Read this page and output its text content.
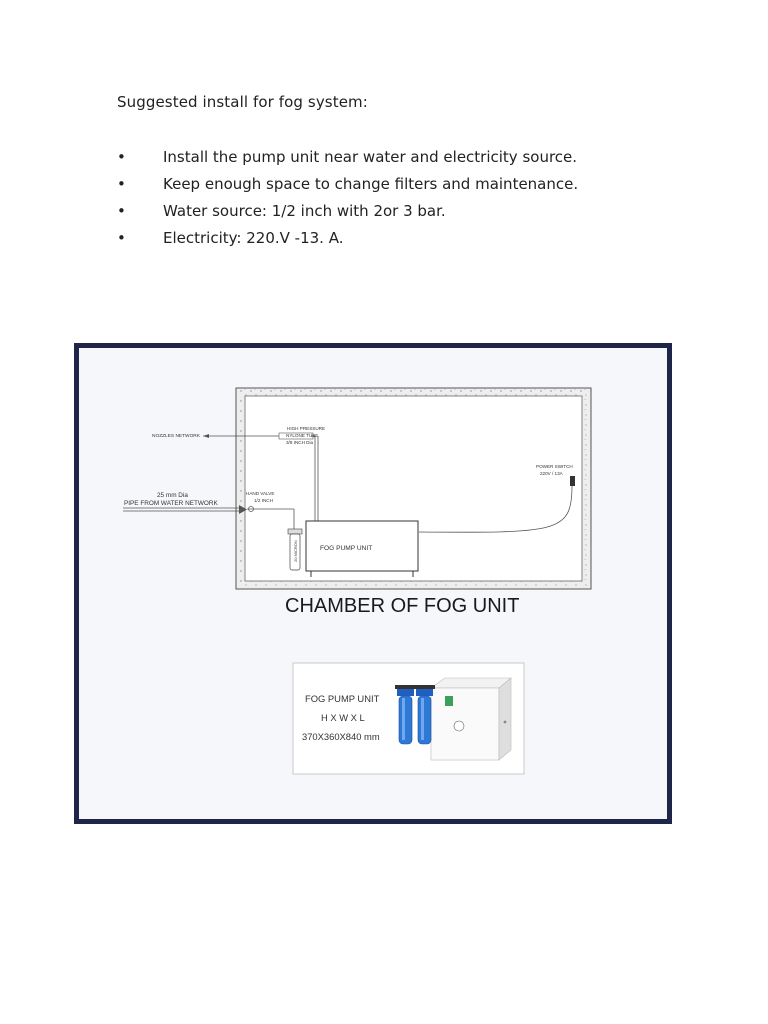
Suggested install for fog system:
• Install the pump unit near water and electricity source.
• Keep enough space to change filters and maintenance.
• Water source: 1/2 inch with 2or 3 bar.
• Electricity: 220.V -13. A.
NOZZLES NETWORK
HIGH PRESSURE
NYLONE TUBE
3/8 INCH Dia
POWER SWITCH
220V / 13A
25 mm Dia
PIPE FROM WATER NETWORK
HAND VALVE
1/2 INCH
20 MICRON	FOG PUMP UNIT
CHAMBER OF FOG UNIT
FOG PUMP UNIT
H X W X L
370X360X840 mm
